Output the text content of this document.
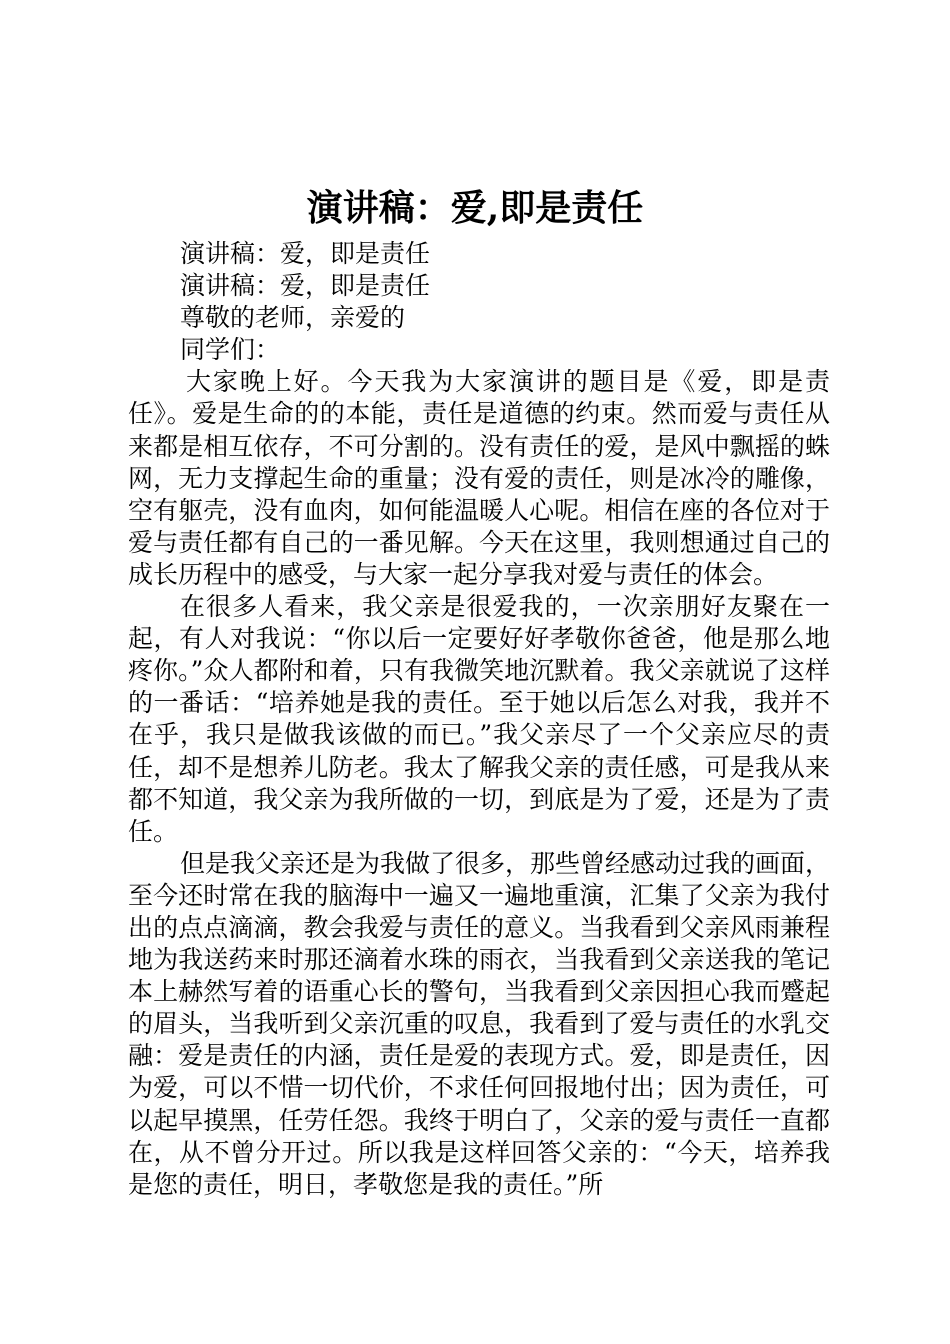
演讲稿：爱,即是责任
演讲稿：爱，即是责任
演讲稿：爱，即是责任
尊敬的老师，亲爱的
同学们：

大家晚上好。今天我为大家演讲的题目是《爱，即是责任》。爱是生命的的本能，责任是道德的约束。然而爱与责任从来都是相互依存，不可分割的。没有责任的爱，是风中飘摇的蛛网，无力支撑起生命的重量；没有爱的责任，则是冰冷的雕像，空有躯壳，没有血肉，如何能温暖人心呢。相信在座的各位对于爱与责任都有自己的一番见解。今天在这里，我则想通过自己的成长历程中的感受，与大家一起分享我对爱与责任的体会。

在很多人看来，我父亲是很爱我的，一次亲朋好友聚在一起，有人对我说：“你以后一定要好好孝敬你爸爸，他是那么地疼你。”众人都附和着，只有我微笑地沉默着。我父亲就说了这样的一番话：“培养她是我的责任。至于她以后怎么对我，我并不在乎，我只是做我该做的而已。”我父亲尽了一个父亲应尽的责任，却不是想养儿防老。我太了解我父亲的责任感，可是我从来都不知道，我父亲为我所做的一切，到底是为了爱，还是为了责任。

但是我父亲还是为我做了很多，那些曾经感动过我的画面，至今还时常在我的脑海中一遍又一遍地重演，汇集了父亲为我付出的点点滴滴，教会我爱与责任的意义。当我看到父亲风雨兼程地为我送药来时那还滴着水珠的雨衣，当我看到父亲送我的笔记本上赫然写着的语重心长的警句，当我看到父亲因担心我而蹙起的眉头，当我听到父亲沉重的叹息，我看到了爱与责任的水乳交融：爱是责任的内涵，责任是爱的表现方式。爱，即是责任，因为爱，可以不惜一切代价，不求任何回报地付出；因为责任，可以起早摸黑，任劳任怨。我终于明白了，父亲的爱与责任一直都在，从不曾分开过。所以我是这样回答父亲的：“今天，培养我是您的责任，明日，孝敬您是我的责任。”所
